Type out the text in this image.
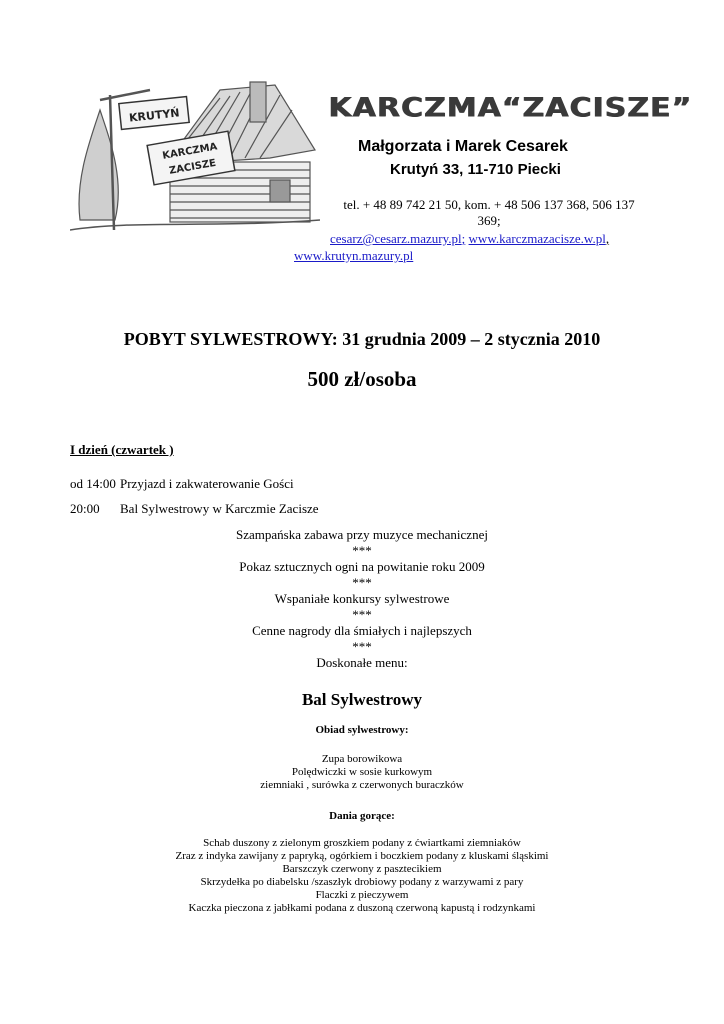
KRUTYŃ
KARCZMA
ZACISZE
KARCZMA“ZACISZE”
Małgorzata i Marek Cesarek
Krutyń 33, 11-710 Piecki
tel. + 48 89 742 21 50, kom. + 48 506 137 368, 506 137
369;
cesarz@cesarz.mazury.pl; www.karczmazacisze.w.pl,
www.krutyn.mazury.pl
POBYT SYLWESTROWY: 31 grudnia 2009 – 2 stycznia 2010
500 zł/osoba
I dzień (czwartek )
od 14:00 Przyjazd i zakwaterowanie Gości
20:00 Bal Sylwestrowy w Karczmie Zacisze
Szampańska zabawa przy muzyce mechanicznej
***
Pokaz sztucznych ogni na powitanie roku 2009
***
Wspaniałe konkursy sylwestrowe
***
Cenne nagrody dla śmiałych i najlepszych
***
Doskonałe menu:
Bal Sylwestrowy
Obiad sylwestrowy:
Zupa borowikowa
Polędwiczki w sosie kurkowym
ziemniaki , surówka z czerwonych buraczków
Dania gorące:
Schab duszony z zielonym groszkiem podany z ćwiartkami ziemniaków
Zraz z indyka zawijany z papryką, ogórkiem i boczkiem podany z kluskami śląskimi
Barszczyk czerwony z pasztecikiem
Skrzydełka po diabelsku /szaszłyk drobiowy podany z warzywami z pary
Flaczki z pieczywem
Kaczka pieczona z jabłkami podana z duszoną czerwoną kapustą i rodzynkami
